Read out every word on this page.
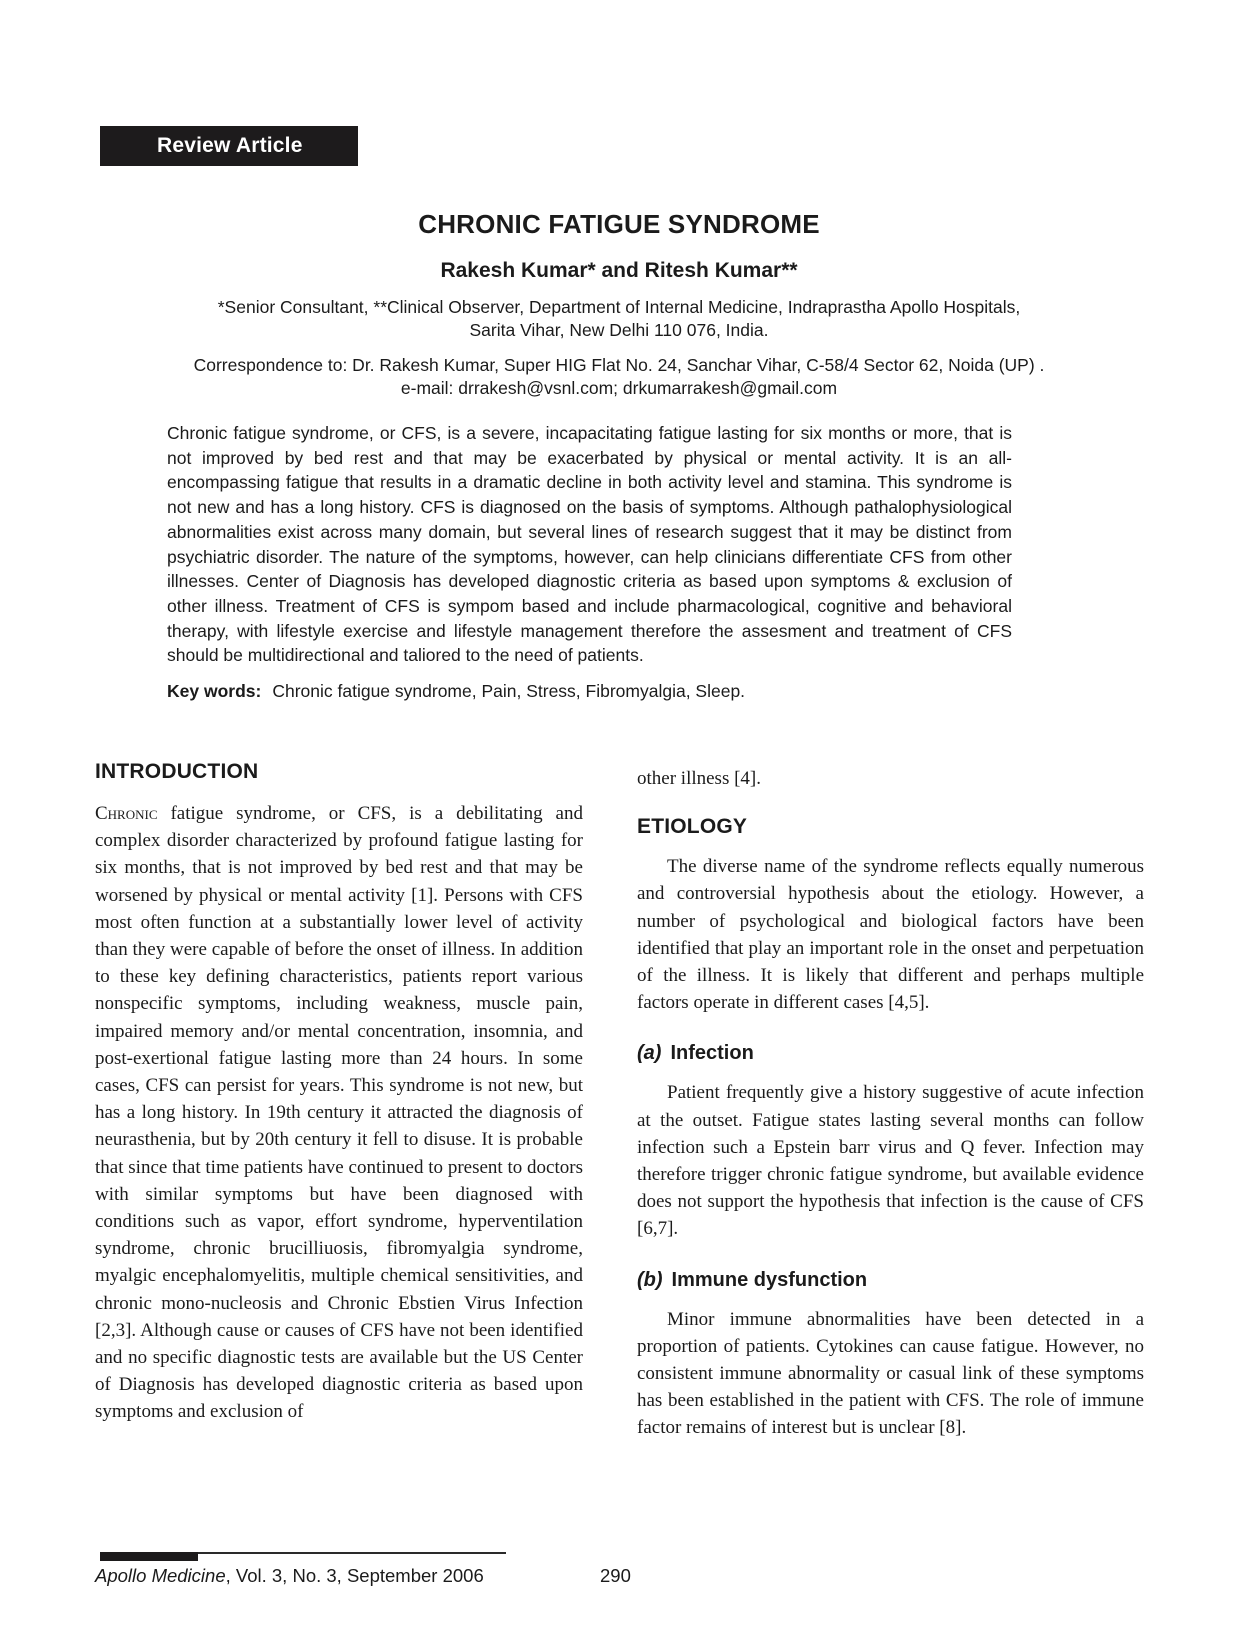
Review Article
CHRONIC FATIGUE SYNDROME
Rakesh Kumar* and Ritesh Kumar**
*Senior Consultant, **Clinical Observer, Department of Internal Medicine, Indraprastha Apollo Hospitals,
Sarita Vihar, New Delhi 110 076, India.
Correspondence to: Dr. Rakesh Kumar, Super HIG Flat No. 24, Sanchar Vihar, C-58/4 Sector 62, Noida (UP) .
e-mail: drrakesh@vsnl.com; drkumarrakesh@gmail.com
Chronic fatigue syndrome, or CFS, is a severe, incapacitating fatigue lasting for six months or more, that is not improved by bed rest and that may be exacerbated by physical or mental activity. It is an all-encompassing fatigue that results in a dramatic decline in both activity level and stamina. This syndrome is not new and has a long history. CFS is diagnosed on the basis of symptoms. Although pathalophysiological abnormalities exist across many domain, but several lines of research suggest that it may be distinct from psychiatric disorder. The nature of the symptoms, however, can help clinicians differentiate CFS from other illnesses. Center of Diagnosis has developed diagnostic criteria as based upon symptoms & exclusion of other illness. Treatment of CFS is sympom based and include pharmacological, cognitive and behavioral therapy, with lifestyle exercise and lifestyle management therefore the assesment and treatment of CFS should be multidirectional and taliored to the need of patients.
Key words: Chronic fatigue syndrome, Pain, Stress, Fibromyalgia, Sleep.
INTRODUCTION

Chronic fatigue syndrome, or CFS, is a debilitating and complex disorder characterized by profound fatigue lasting for six months, that is not improved by bed rest and that may be worsened by physical or mental activity [1]. Persons with CFS most often function at a substantially lower level of activity than they were capable of before the onset of illness. In addition to these key defining characteristics, patients report various nonspecific symptoms, including weakness, muscle pain, impaired memory and/or mental concentration, insomnia, and post-exertional fatigue lasting more than 24 hours. In some cases, CFS can persist for years. This syndrome is not new, but has a long history. In 19th century it attracted the diagnosis of neurasthenia, but by 20th century it fell to disuse. It is probable that since that time patients have continued to present to doctors with similar symptoms but have been diagnosed with conditions such as vapor, effort syndrome, hyperventilation syndrome, chronic brucilliuosis, fibromyalgia syndrome, myalgic encephalomyelitis, multiple chemical sensitivities, and chronic mono-nucleosis and Chronic Ebstien Virus Infection [2,3]. Although cause or causes of CFS have not been identified and no specific diagnostic tests are available but the US Center of Diagnosis has developed diagnostic criteria as based upon symptoms and exclusion of

other illness [4].

ETIOLOGY

The diverse name of the syndrome reflects equally numerous and controversial hypothesis about the etiology. However, a number of psychological and biological factors have been identified that play an important role in the onset and perpetuation of the illness. It is likely that different and perhaps multiple factors operate in different cases [4,5].

(a) Infection

Patient frequently give a history suggestive of acute infection at the outset. Fatigue states lasting several months can follow infection such a Epstein barr virus and Q fever. Infection may therefore trigger chronic fatigue syndrome, but available evidence does not support the hypothesis that infection is the cause of CFS [6,7].

(b) Immune dysfunction

Minor immune abnormalities have been detected in a proportion of patients. Cytokines can cause fatigue. However, no consistent immune abnormality or casual link of these symptoms has been established in the patient with CFS. The role of immune factor remains of interest but is unclear [8].

Apollo Medicine, Vol. 3, No. 3, September 2006	290
